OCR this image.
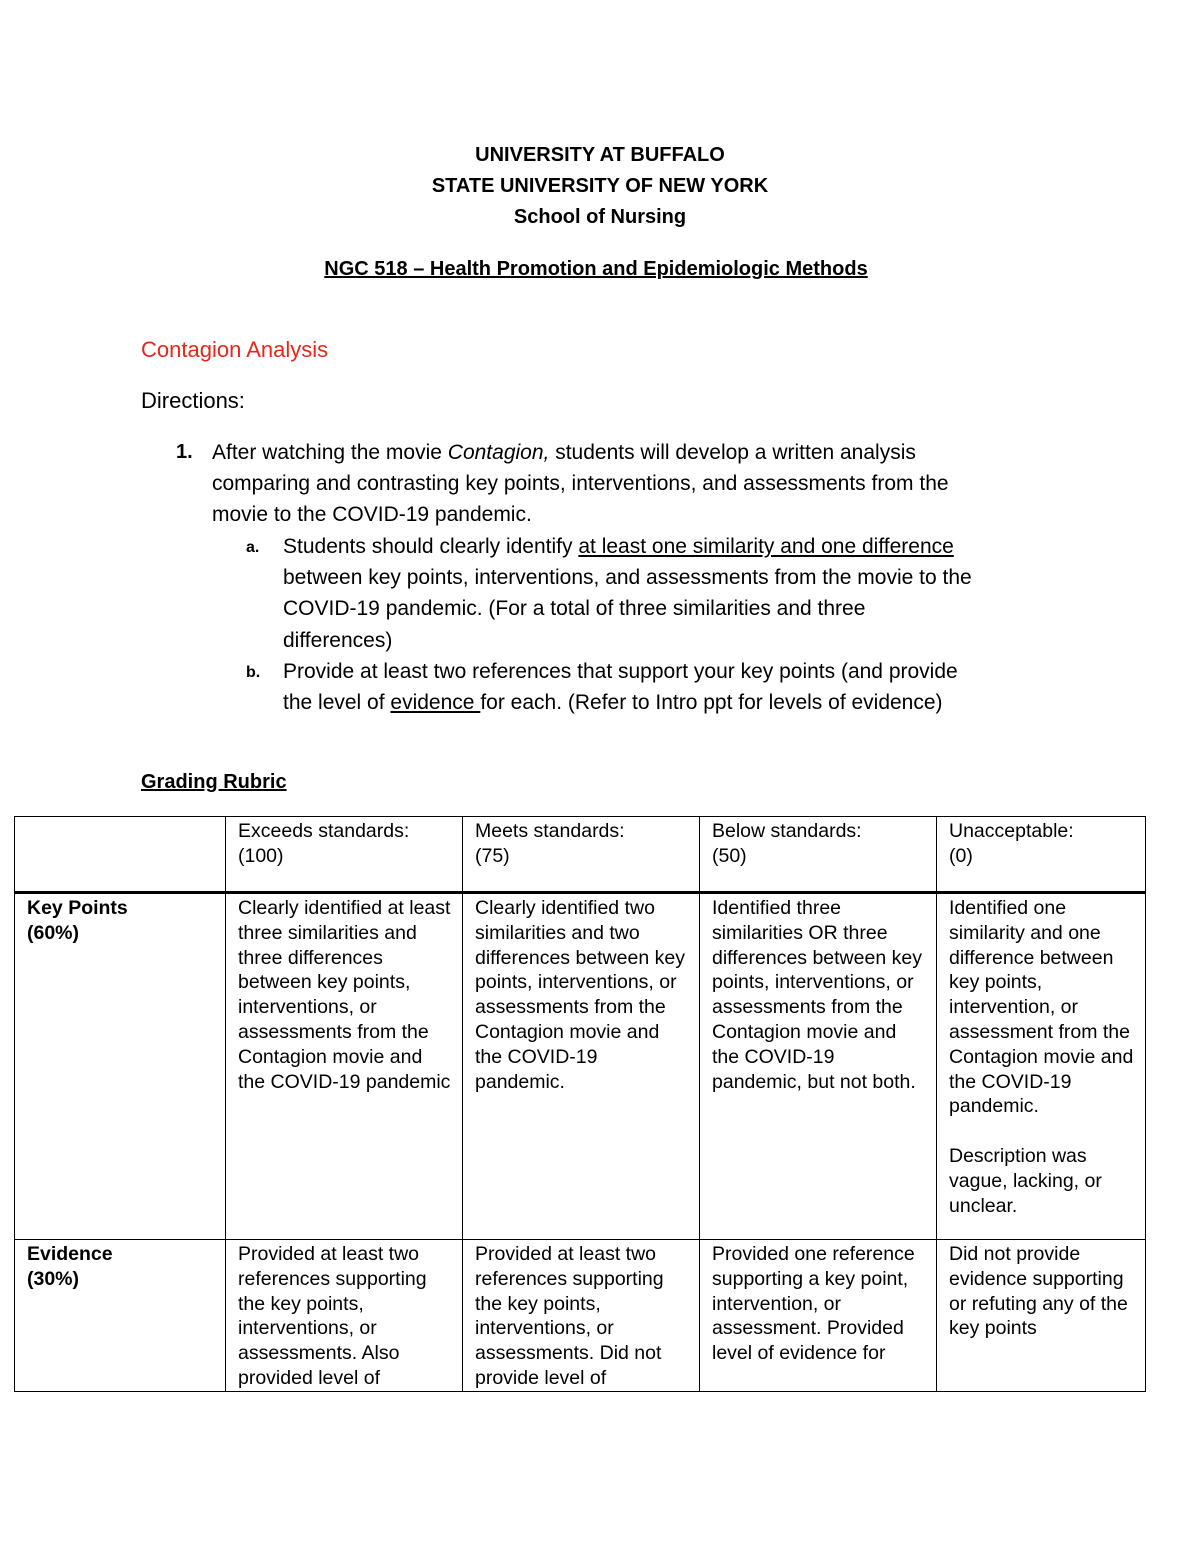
UNIVERSITY AT BUFFALO
STATE UNIVERSITY OF NEW YORK
School of Nursing
NGC 518 – Health Promotion and Epidemiologic Methods
Contagion Analysis
Directions:
1. After watching the movie Contagion, students will develop a written analysis
comparing and contrasting key points, interventions, and assessments from the
movie to the COVID-19 pandemic.
a. Students should clearly identify at least one similarity and one difference
between key points, interventions, and assessments from the movie to the
COVID-19 pandemic. (For a total of three similarities and three
differences)
b. Provide at least two references that support your key points (and provide
the level of evidence for each. (Refer to Intro ppt for levels of evidence)
Grading Rubric

	Exceeds standards:
(100)	Meets standards:
(75)	Below standards:
(50)	Unacceptable:
(0)

Key Points
(60%)	Clearly identified at least three similarities and three differences between key points, interventions, or assessments from the Contagion movie and the COVID-19 pandemic	Clearly identified two similarities and two differences between key points, interventions, or assessments from the Contagion movie and the COVID-19 pandemic.	Identified three similarities OR three differences between key points, interventions, or assessments from the Contagion movie and the COVID-19 pandemic, but not both.	Identified one similarity and one difference between key points, intervention, or assessment from the Contagion movie and the COVID-19 pandemic.
Description was vague, lacking, or unclear.

Evidence
(30%)	Provided at least two references supporting the key points, interventions, or assessments. Also provided level of	Provided at least two references supporting the key points, interventions, or assessments. Did not provide level of	Provided one reference supporting a key point, intervention, or assessment. Provided level of evidence for	Did not provide evidence supporting or refuting any of the key points
